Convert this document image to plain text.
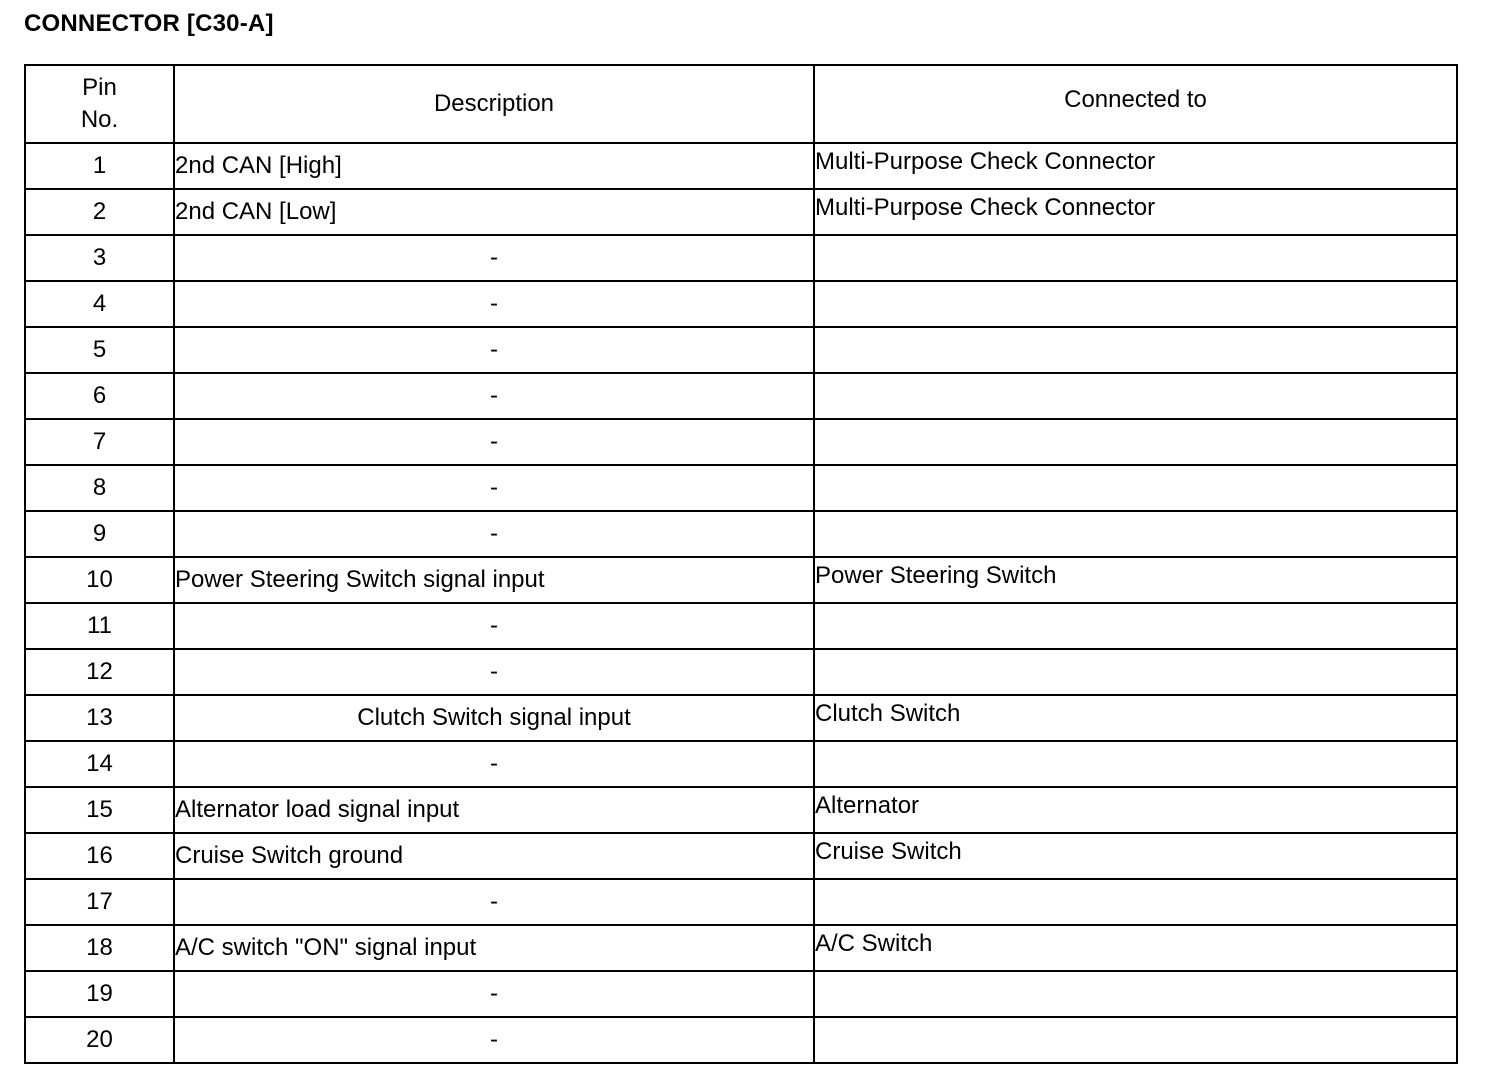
CONNECTOR [C30-A]
Pin
No.	Description	Connected to
1	2nd CAN [High]	Multi-Purpose Check Connector
2	2nd CAN [Low]	Multi-Purpose Check Connector
3	-	
4	-	
5	-	
6	-	
7	-	
8	-	
9	-	
10	Power Steering Switch signal input	Power Steering Switch
11	-	
12	-	
13	Clutch Switch signal input	Clutch Switch
14	-	
15	Alternator load signal input	Alternator
16	Cruise Switch ground	Cruise Switch
17	-	
18	A/C switch "ON" signal input	A/C Switch
19	-	
20	-	
